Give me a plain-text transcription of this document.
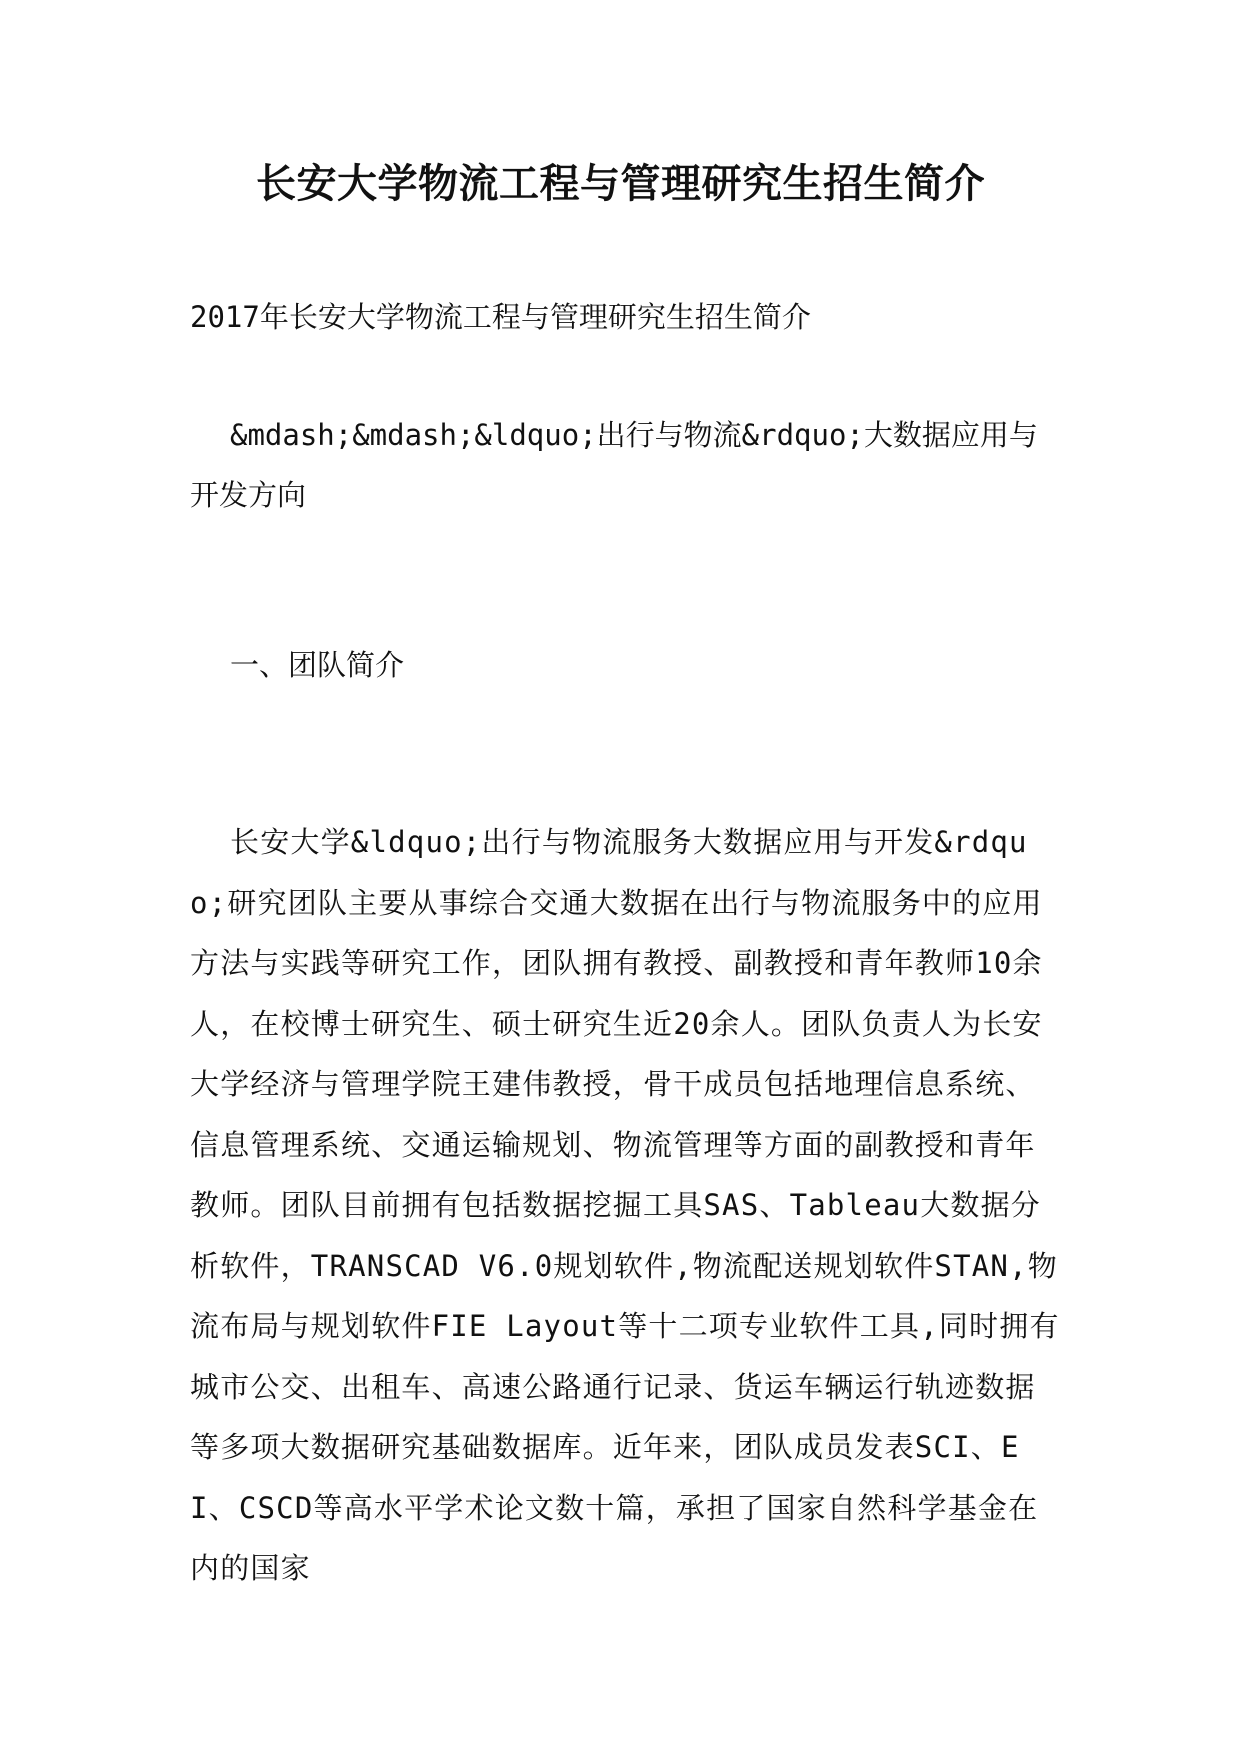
长安大学物流工程与管理研究生招生简介

2017年长安大学物流工程与管理研究生招生简介

&mdash;&mdash;&ldquo;出行与物流&rdquo;大数据应用与开发方向

一、团队简介

长安大学&ldquo;出行与物流服务大数据应用与开发&rdquo;研究团队主要从事综合交通大数据在出行与物流服务中的应用方法与实践等研究工作，团队拥有教授、副教授和青年教师10余人，在校博士研究生、硕士研究生近20余人。团队负责人为长安大学经济与管理学院王建伟教授，骨干成员包括地理信息系统、信息管理系统、交通运输规划、物流管理等方面的副教授和青年教师。团队目前拥有包括数据挖掘工具SAS、Tableau大数据分析软件，TRANSCAD V6.0规划软件,物流配送规划软件STAN,物流布局与规划软件FIE Layout等十二项专业软件工具,同时拥有城市公交、出租车、高速公路通行记录、货运车辆运行轨迹数据等多项大数据研究基础数据库。近年来，团队成员发表SCI、EI、CSCD等高水平学术论文数十篇，承担了国家自然科学基金在内的国家
